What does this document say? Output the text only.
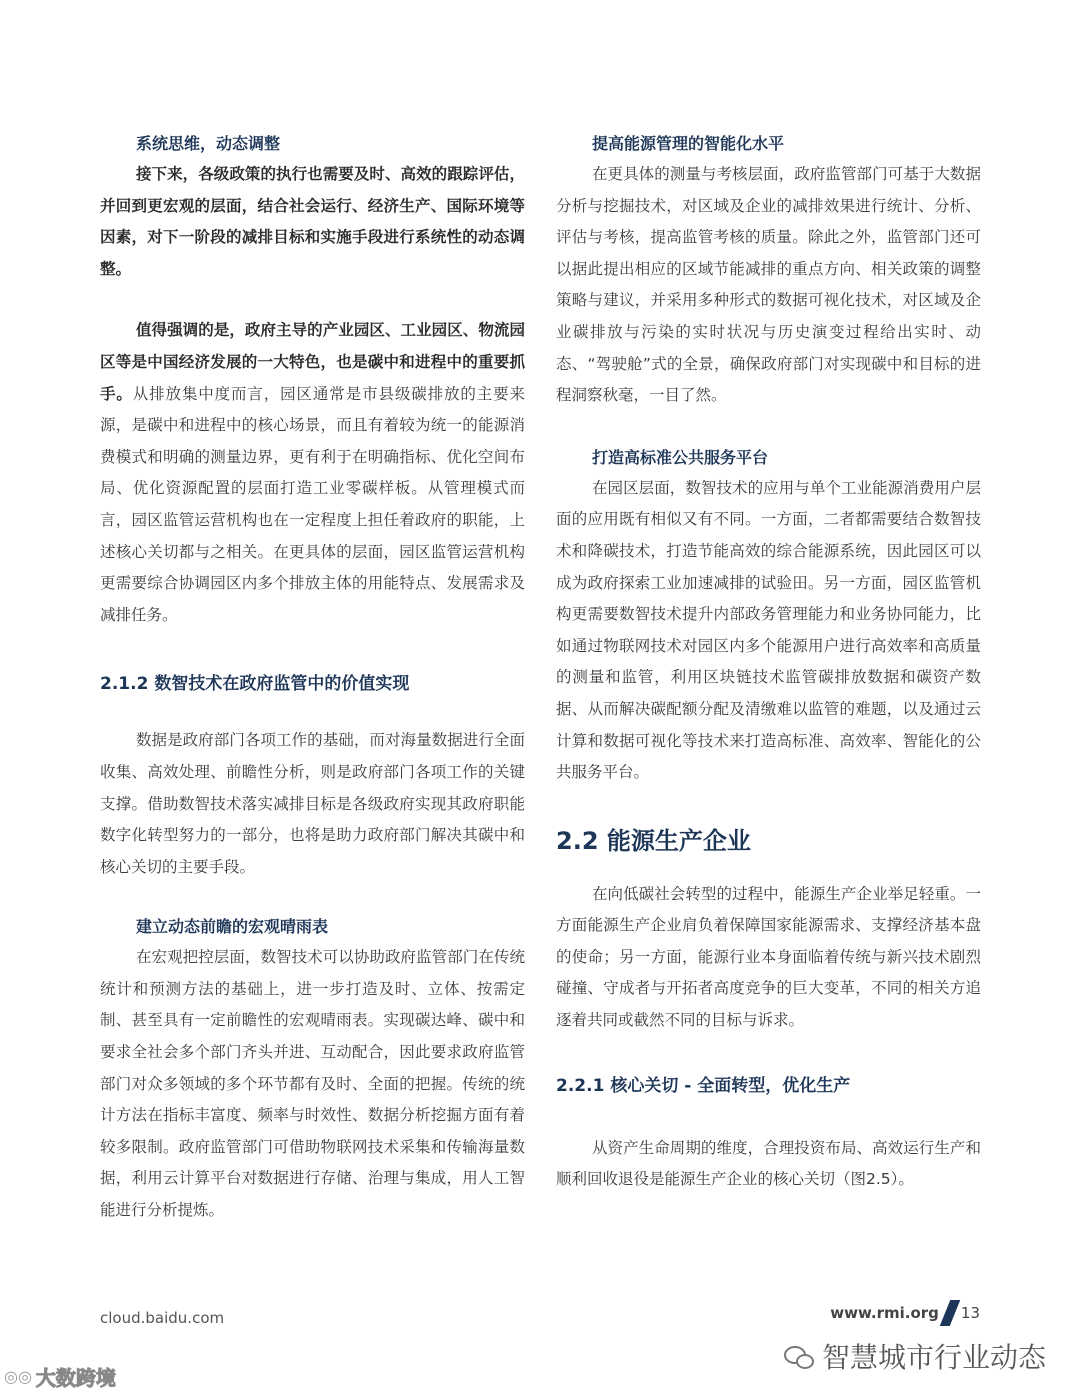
系统思维，动态调整

接下来，各级政策的执行也需要及时、高效的跟踪评估，并回到更宏观的层面，结合社会运行、经济生产、国际环境等因素，对下一阶段的减排目标和实施手段进行系统性的动态调整。

值得强调的是，政府主导的产业园区、工业园区、物流园区等是中国经济发展的一大特色，也是碳中和进程中的重要抓手。从排放集中度而言，园区通常是市县级碳排放的主要来源，是碳中和进程中的核心场景，而且有着较为统一的能源消费模式和明确的测量边界，更有利于在明确指标、优化空间布局、优化资源配置的层面打造工业零碳样板。从管理模式而言，园区监管运营机构也在一定程度上担任着政府的职能，上述核心关切都与之相关。在更具体的层面，园区监管运营机构更需要综合协调园区内多个排放主体的用能特点、发展需求及减排任务。

2.1.2 数智技术在政府监管中的价值实现

数据是政府部门各项工作的基础，而对海量数据进行全面收集、高效处理、前瞻性分析，则是政府部门各项工作的关键支撑。借助数智技术落实减排目标是各级政府实现其政府职能数字化转型努力的一部分，也将是助力政府部门解决其碳中和核心关切的主要手段。

建立动态前瞻的宏观晴雨表

在宏观把控层面，数智技术可以协助政府监管部门在传统统计和预测方法的基础上，进一步打造及时、立体、按需定制、甚至具有一定前瞻性的宏观晴雨表。实现碳达峰、碳中和要求全社会多个部门齐头并进、互动配合，因此要求政府监管部门对众多领域的多个环节都有及时、全面的把握。传统的统计方法在指标丰富度、频率与时效性、数据分析挖掘方面有着较多限制。政府监管部门可借助物联网技术采集和传输海量数据，利用云计算平台对数据进行存储、治理与集成，用人工智能进行分析提炼。

提高能源管理的智能化水平

在更具体的测量与考核层面，政府监管部门可基于大数据分析与挖掘技术，对区域及企业的减排效果进行统计、分析、评估与考核，提高监管考核的质量。除此之外，监管部门还可以据此提出相应的区域节能减排的重点方向、相关政策的调整策略与建议，并采用多种形式的数据可视化技术，对区域及企业碳排放与污染的实时状况与历史演变过程给出实时、动态、“驾驶舱”式的全景，确保政府部门对实现碳中和目标的进程洞察秋毫，一目了然。

打造高标准公共服务平台

在园区层面，数智技术的应用与单个工业能源消费用户层面的应用既有相似又有不同。一方面，二者都需要结合数智技术和降碳技术，打造节能高效的综合能源系统，因此园区可以成为政府探索工业加速减排的试验田。另一方面，园区监管机构更需要数智技术提升内部政务管理能力和业务协同能力，比如通过物联网技术对园区内多个能源用户进行高效率和高质量的测量和监管，利用区块链技术监管碳排放数据和碳资产数据、从而解决碳配额分配及清缴难以监管的难题，以及通过云计算和数据可视化等技术来打造高标准、高效率、智能化的公共服务平台。

2.2 能源生产企业

在向低碳社会转型的过程中，能源生产企业举足轻重。一方面能源生产企业肩负着保障国家能源需求、支撑经济基本盘的使命；另一方面，能源行业本身面临着传统与新兴技术剧烈碰撞、守成者与开拓者高度竞争的巨大变革，不同的相关方追逐着共同或截然不同的目标与诉求。

2.2.1 核心关切 - 全面转型，优化生产

从资产生命周期的维度，合理投资布局、高效运行生产和顺利回收退役是能源生产企业的核心关切（图2.5）。

cloud.baidu.com	www.rmi.org 13
智慧城市行业动态
◎◎ 大数跨境
